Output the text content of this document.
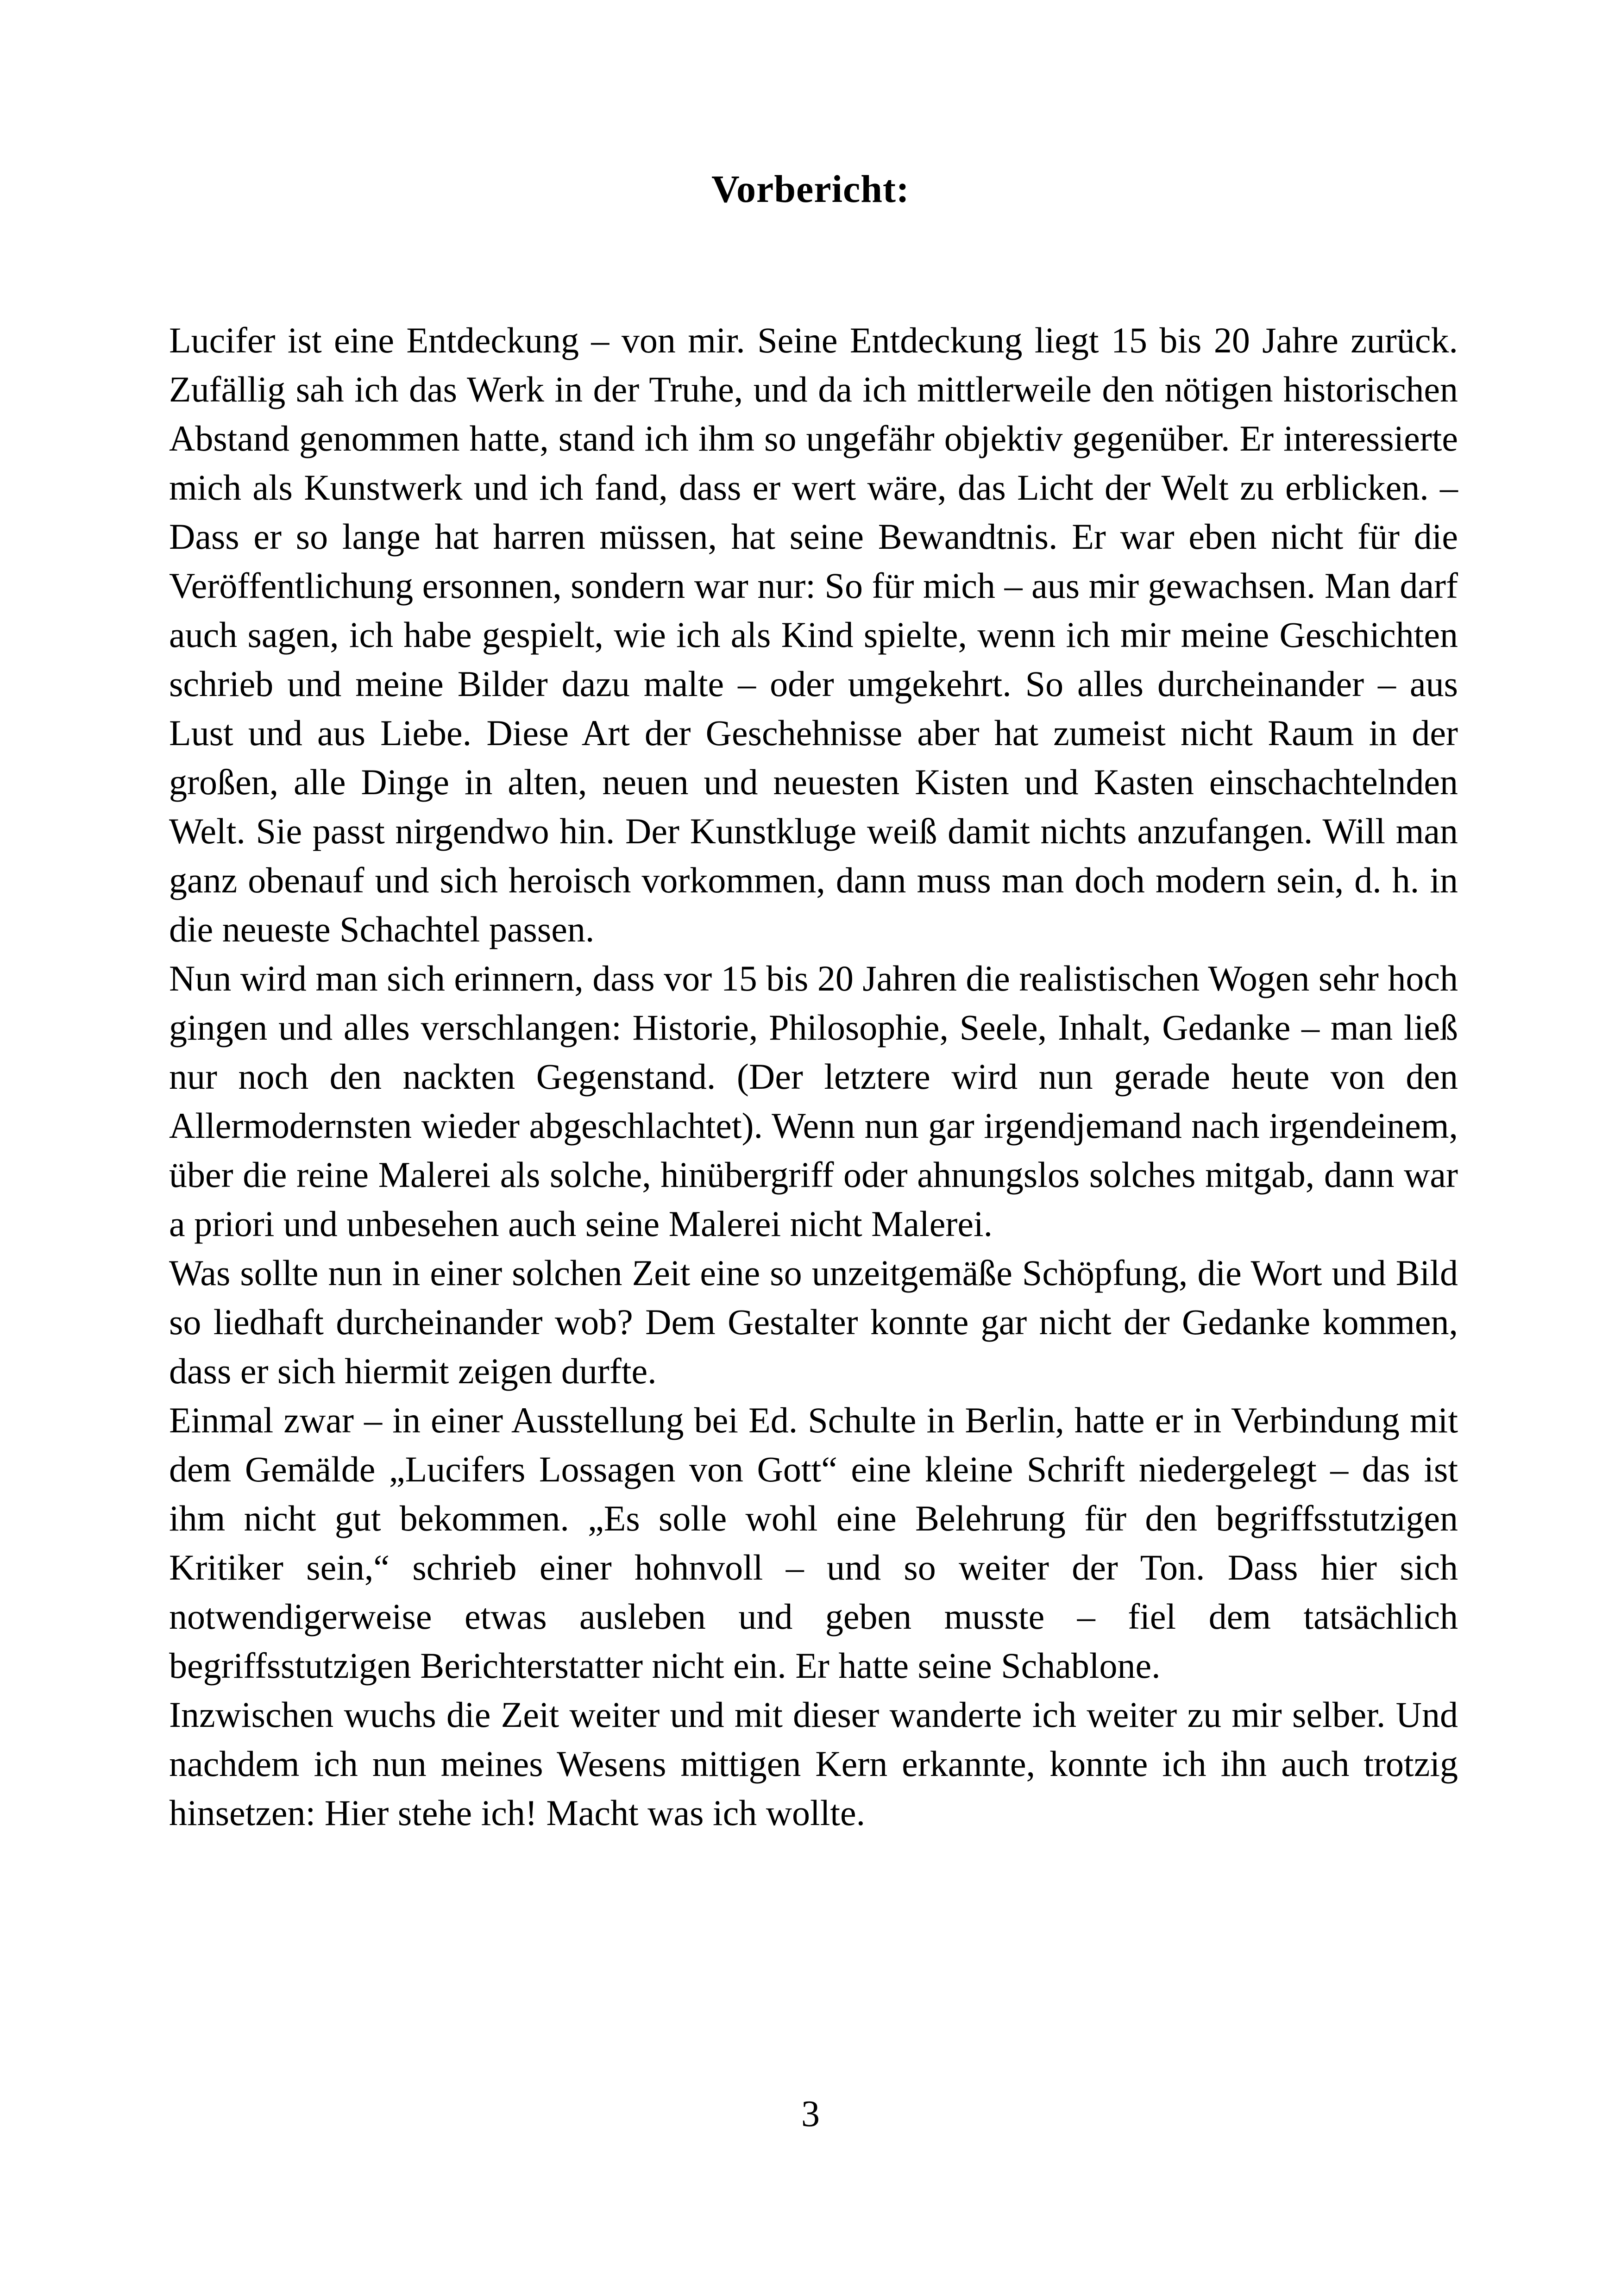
Vorbericht:

Lucifer ist eine Entdeckung – von mir. Seine Entdeckung liegt 15 bis 20 Jahre zurück. Zufällig sah ich das Werk in der Truhe, und da ich mittlerweile den nötigen historischen Abstand genommen hatte, stand ich ihm so ungefähr objektiv gegenüber. Er interessierte mich als Kunstwerk und ich fand, dass er wert wäre, das Licht der Welt zu erblicken. – Dass er so lange hat harren müssen, hat seine Bewandtnis. Er war eben nicht für die Veröffentlichung ersonnen, sondern war nur: So für mich – aus mir gewachsen. Man darf auch sagen, ich habe gespielt, wie ich als Kind spielte, wenn ich mir meine Geschichten schrieb und meine Bilder dazu malte – oder umgekehrt. So alles durcheinander – aus Lust und aus Liebe. Diese Art der Geschehnisse aber hat zumeist nicht Raum in der großen, alle Dinge in alten, neuen und neuesten Kisten und Kasten einschachtelnden Welt. Sie passt nirgendwo hin. Der Kunstkluge weiß damit nichts anzufangen. Will man ganz obenauf und sich heroisch vorkommen, dann muss man doch modern sein, d. h. in die neueste Schachtel passen.

Nun wird man sich erinnern, dass vor 15 bis 20 Jahren die realistischen Wogen sehr hoch gingen und alles verschlangen: Historie, Philosophie, Seele, Inhalt, Gedanke – man ließ nur noch den nackten Gegenstand. (Der letztere wird nun gerade heute von den Allermodernsten wieder abgeschlachtet). Wenn nun gar irgendjemand nach irgendeinem, über die reine Malerei als solche, hinübergriff oder ahnungslos solches mitgab, dann war a priori und unbesehen auch seine Malerei nicht Malerei.

Was sollte nun in einer solchen Zeit eine so unzeitgemäße Schöpfung, die Wort und Bild so liedhaft durcheinander wob? Dem Gestalter konnte gar nicht der Gedanke kommen, dass er sich hiermit zeigen durfte.

Einmal zwar – in einer Ausstellung bei Ed. Schulte in Berlin, hatte er in Verbindung mit dem Gemälde „Lucifers Lossagen von Gott“ eine kleine Schrift niedergelegt – das ist ihm nicht gut bekommen. „Es solle wohl eine Belehrung für den begriffsstutzigen Kritiker sein,“ schrieb einer hohnvoll – und so weiter der Ton. Dass hier sich notwendigerweise etwas ausleben und geben musste – fiel dem tatsächlich begriffsstutzigen Berichterstatter nicht ein. Er hatte seine Schablone.

Inzwischen wuchs die Zeit weiter und mit dieser wanderte ich weiter zu mir selber. Und nachdem ich nun meines Wesens mittigen Kern erkannte, konnte ich ihn auch trotzig hinsetzen: Hier stehe ich! Macht was ich wollte.

3
